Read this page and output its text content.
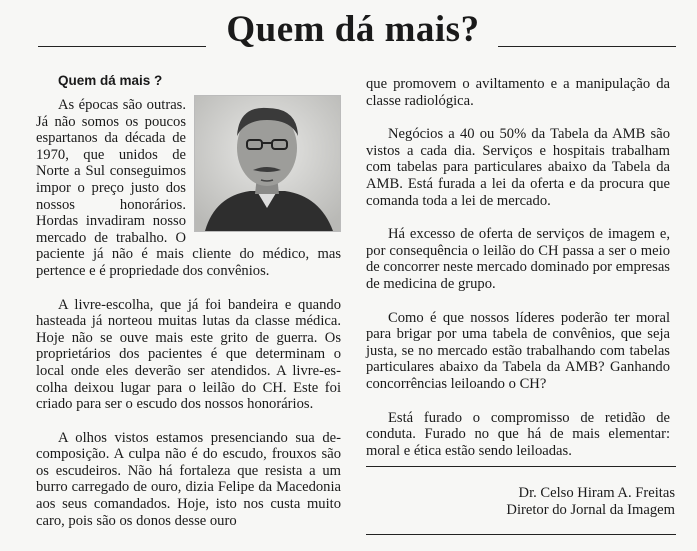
Quem dá mais?
Quem dá mais ?

As épocas são outras. Já não somos os poucos espartanos da década de 1970, que unidos de Norte a Sul conseguimos impor o preço justo dos nossos honorários. Hordas invadiram nosso mercado de trabalho. O paciente já não é mais cliente do médico, mas pertence e é propriedade dos convênios.

A livre-escolha, que já foi bandeira e quando hasteada já norteou muitas lutas da classe médica. Hoje não se ouve mais este grito de guerra. Os proprietários dos pacientes é que determinam o local onde eles deverão ser atendidos. A livre-escolha deixou lugar para o leilão do CH. Este foi criado para ser o escudo dos nossos honorários.

A olhos vistos estamos presenciando sua decomposição. A culpa não é do escudo, frouxos são os escudeiros. Não há fortaleza que resista a um burro carregado de ouro, dizia Felipe da Macedonia aos seus comandados. Hoje, isto nos custa muito caro, pois são os donos desse ouro

que promovem o aviltamento e a manipulação da classe radiológica.

Negócios a 40 ou 50% da Tabela da AMB são vistos a cada dia. Serviços e hospitais trabalham com tabelas para particulares abaixo da Tabela da AMB. Está furada a lei da oferta e da procura que comanda toda a lei de mercado.

Há excesso de oferta de serviços de imagem e, por consequência o leilão do CH passa a ser o meio de concorrer neste mercado dominado por empresas de medicina de grupo.

Como é que nossos líderes poderão ter moral para brigar por uma tabela de convênios, que seja justa, se no mercado estão trabalhando com tabelas particulares abaixo da Tabela da AMB? Ganhando concorrências leiloando o CH?

Está furado o compromisso de retidão de conduta. Furado no que há de mais elementar: moral e ética estão sendo leiloadas.

Dr. Celso Hiram A. Freitas
Diretor do Jornal da Imagem
